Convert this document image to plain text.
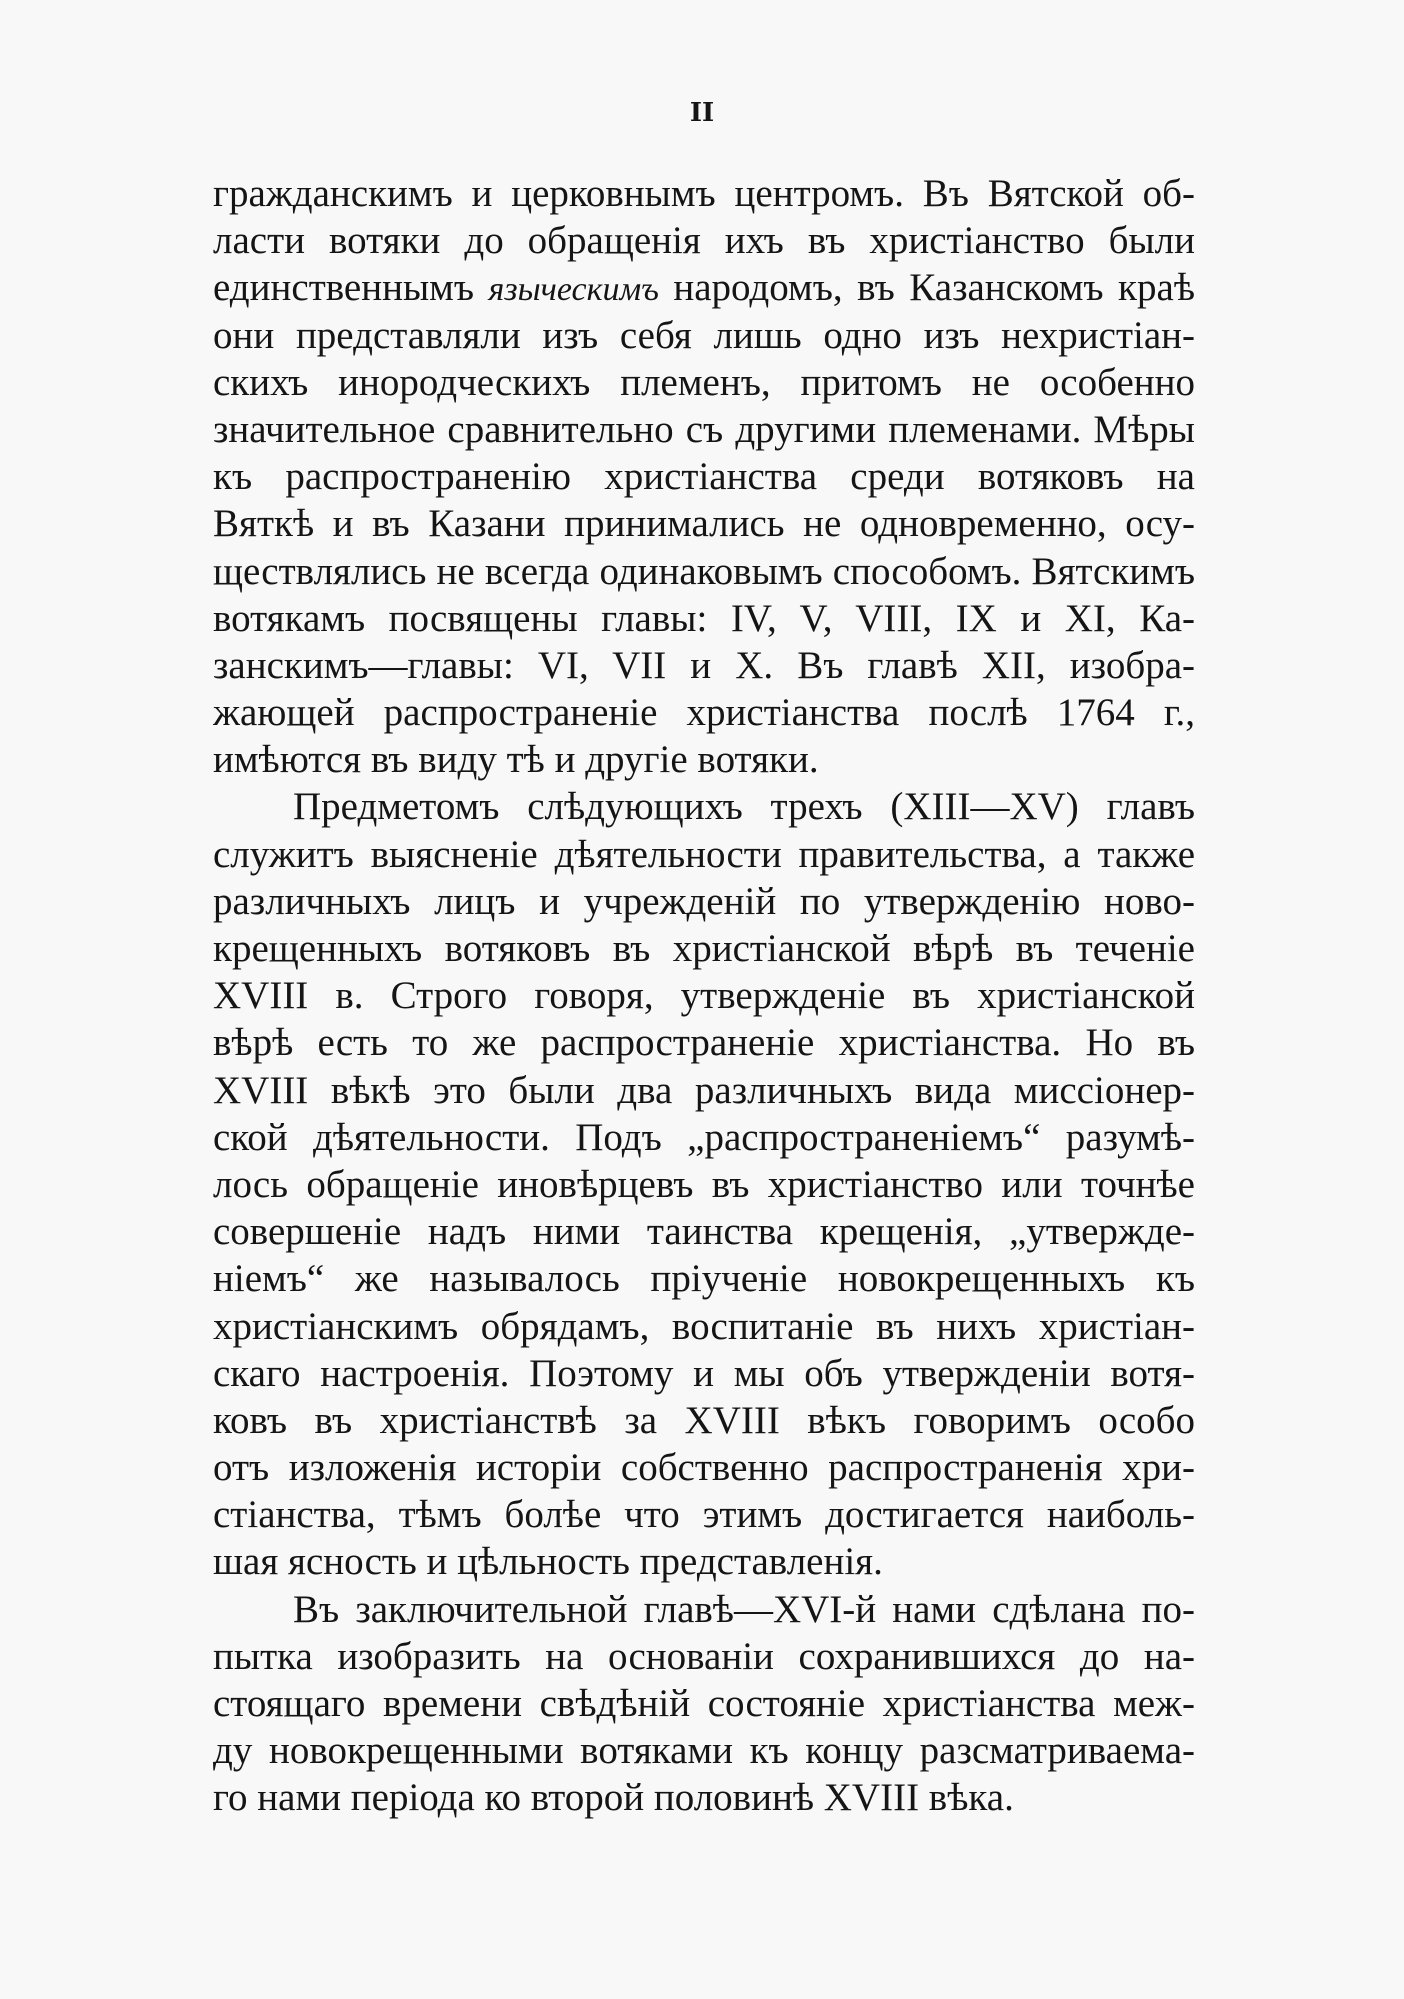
II

гражданскимъ и церковнымъ центромъ. Въ Вятской об-
ласти вотяки до обращенія ихъ въ христіанство были
единственнымъ языческимъ народомъ, въ Казанскомъ краѣ
они представляли изъ себя лишь одно изъ нехристіан-
скихъ инородческихъ племенъ, притомъ не особенно
значительное сравнительно съ другими племенами. Мѣры
къ распространенію христіанства среди вотяковъ на
Вяткѣ и въ Казани принимались не одновременно, осу-
ществлялись не всегда одинаковымъ способомъ. Вятскимъ
вотякамъ посвящены главы: IV, V, VIII, IX и XI, Ка-
занскимъ—главы: VI, VII и X. Въ главѣ XII, изобра-
жающей распространеніе христіанства послѣ 1764 г.,
имѣются въ виду тѣ и другіе вотяки.

Предметомъ слѣдующихъ трехъ (XIII—XV) главъ
служитъ выясненіе дѣятельности правительства, а также
различныхъ лицъ и учрежденій по утвержденію ново-
крещенныхъ вотяковъ въ христіанской вѣрѣ въ теченіе
XVIII в. Строго говоря, утвержденіе въ христіанской
вѣрѣ есть то же распространеніе христіанства. Но въ
XVIII вѣкѣ это были два различныхъ вида миссіонер-
ской дѣятельности. Подъ „распространеніемъ“ разумѣ-
лось обращеніе иновѣрцевъ въ христіанство или точнѣе
совершеніе надъ ними таинства крещенія, „утвержде-
ніемъ“ же называлось пріученіе новокрещенныхъ къ
христіанскимъ обрядамъ, воспитаніе въ нихъ христіан-
скаго настроенія. Поэтому и мы объ утвержденіи вотя-
ковъ въ христіанствѣ за XVIII вѣкъ говоримъ особо
отъ изложенія исторіи собственно распространенія хри-
стіанства, тѣмъ болѣе что этимъ достигается наиболь-
шая ясность и цѣльность представленія.

Въ заключительной главѣ—XVI-й нами сдѣлана по-
пытка изобразить на основаніи сохранившихся до на-
стоящаго времени свѣдѣній состояніе христіанства меж-
ду новокрещенными вотяками къ концу разсматриваема-
го нами періода ко второй половинѣ XVIII вѣка.
